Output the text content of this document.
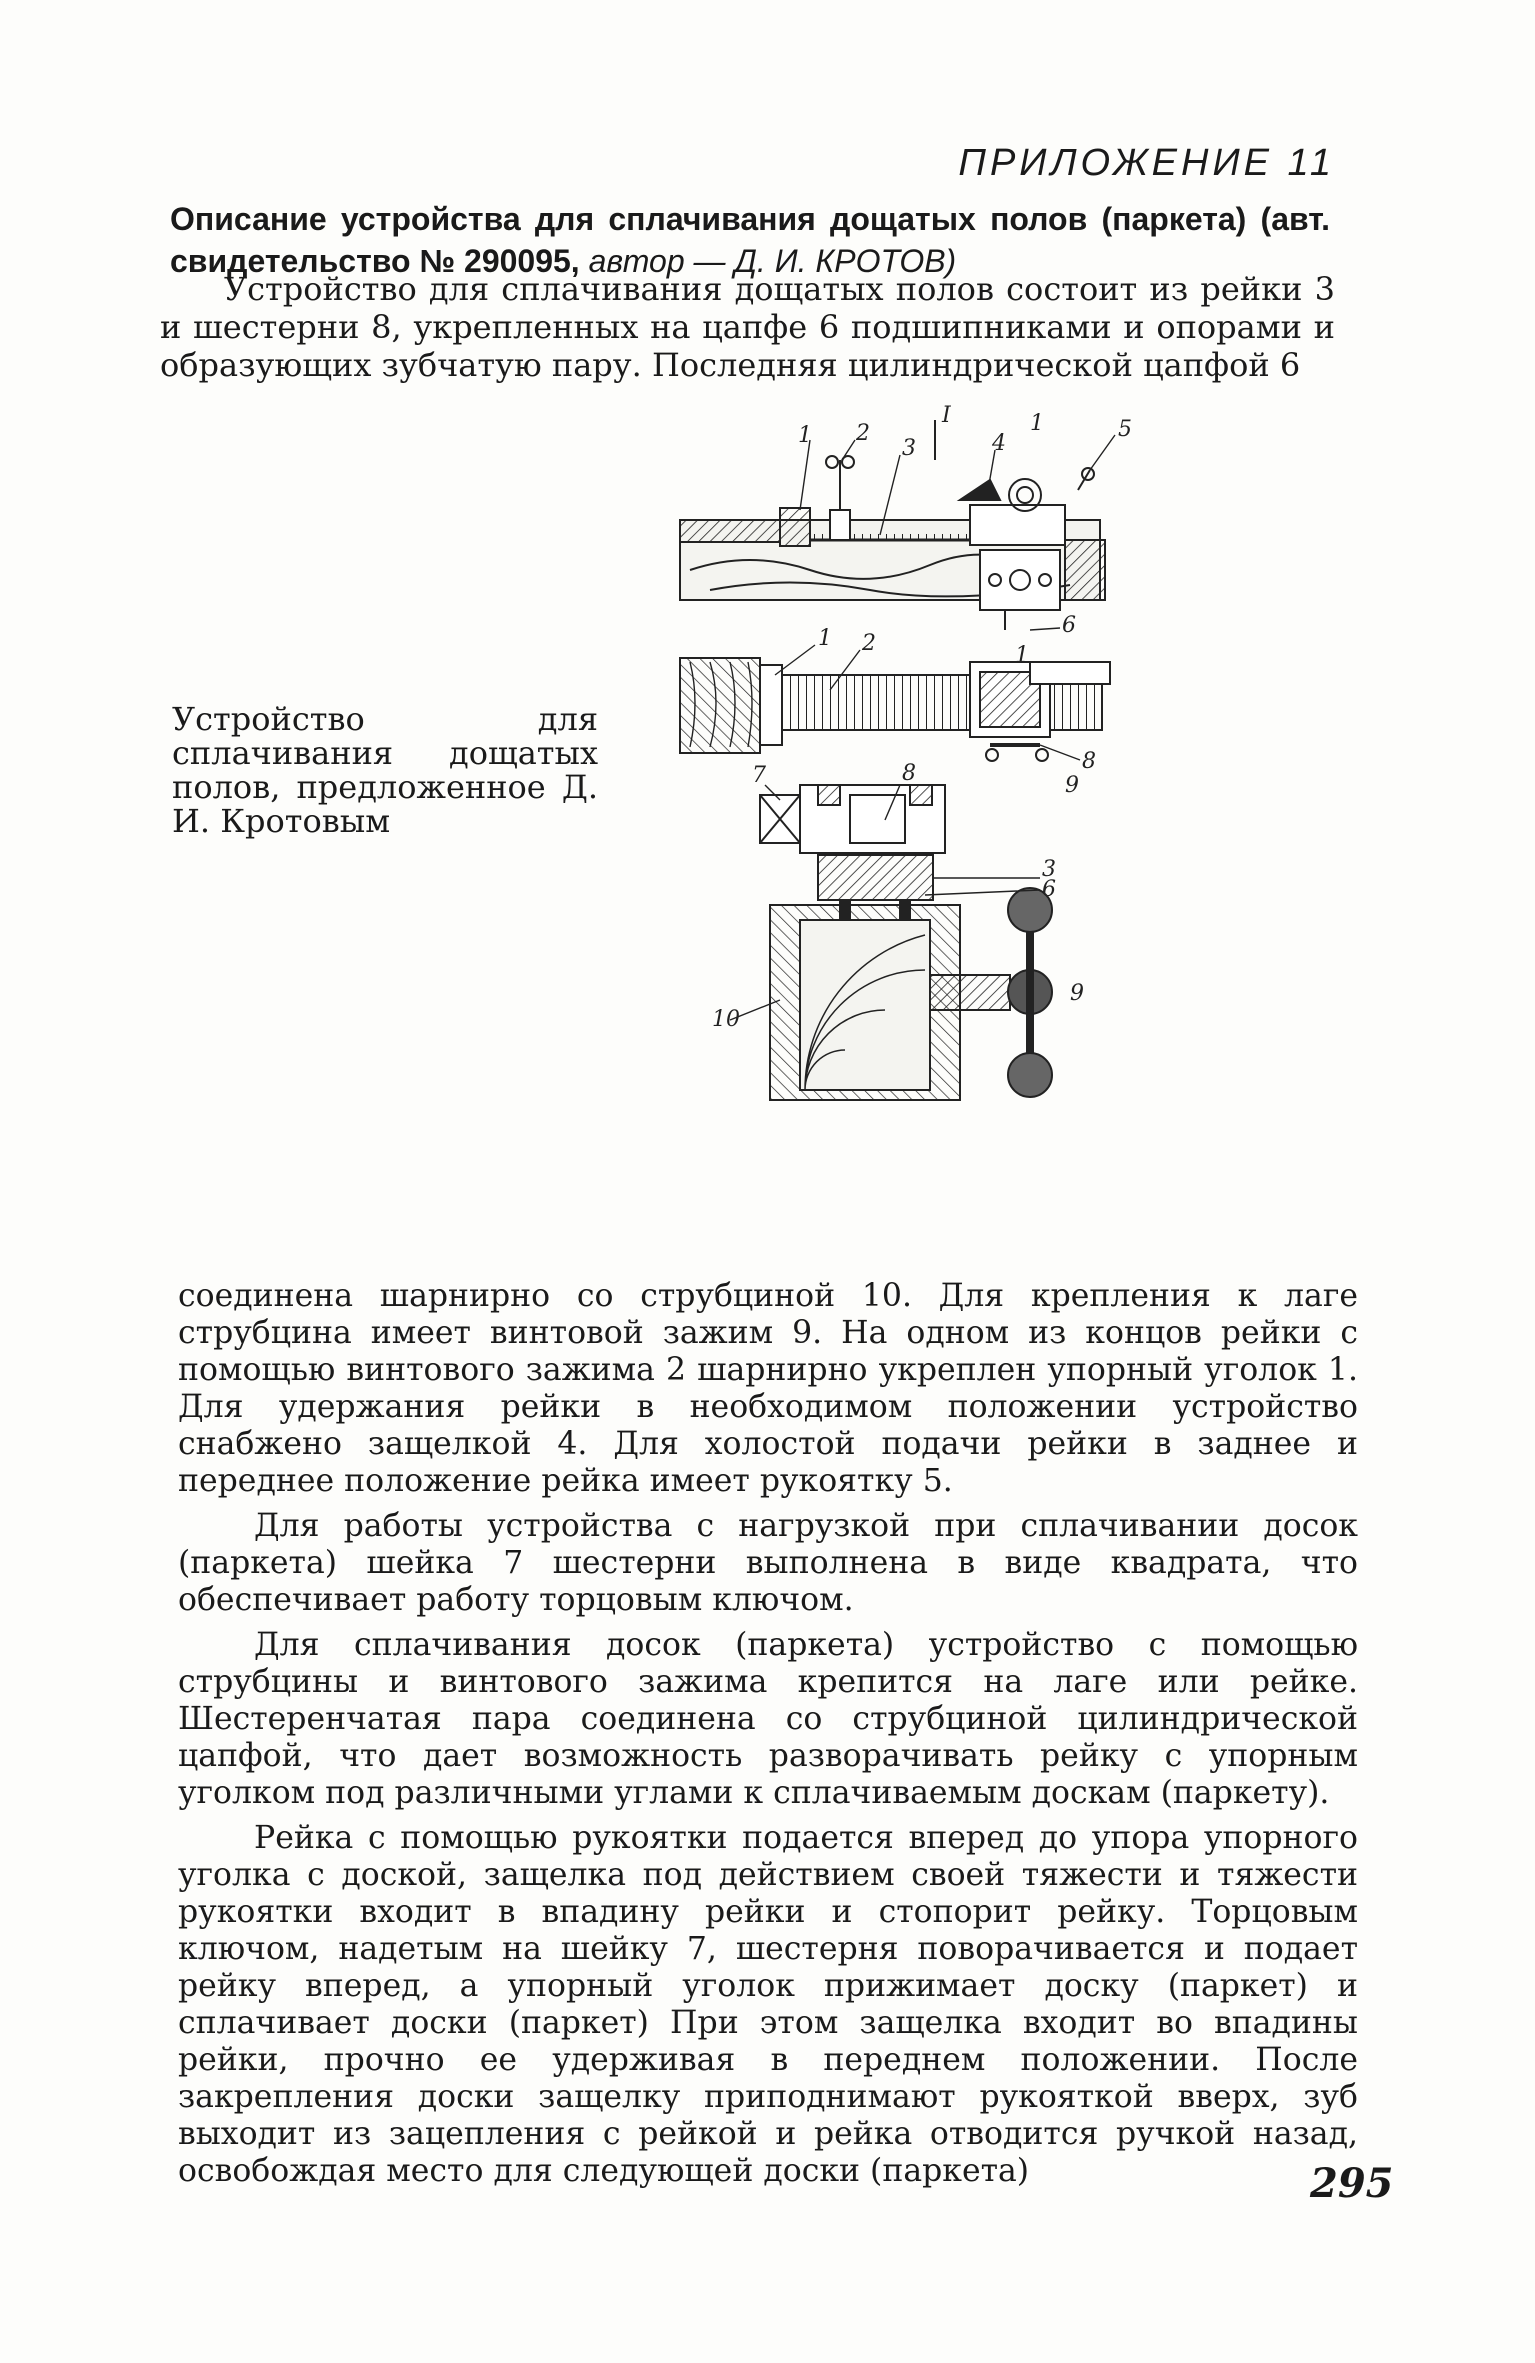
ПРИЛОЖЕНИЕ 11
Описание устройства для сплачивания дощатых полов (паркета) (авт. свидетельство № 290095, автор — Д. И. КРОТОВ)

Устройство для сплачивания дощатых полов состоит из рейки 3 и шестерни 8, укрепленных на цапфе 6 подшипниками и опорами и образующих зубчатую пару. Последняя цилиндрической цапфой 6

Устройство для сплачивания дощатых полов, предложенное Д. И. Кротовым

I
1 2
3
1
4
5
6
1
1 2
8
9
7	8
3
6
9
10

соединена шарнирно со струбциной 10. Для крепления к лаге струбцина имеет винтовой зажим 9. На одном из концов рейки с помощью винтового зажима 2 шарнирно укреплен упорный уголок 1. Для удержания рейки в необходимом положении устройство снабжено защелкой 4. Для холостой подачи рейки в заднее и переднее положение рейка имеет рукоятку 5.

Для работы устройства с нагрузкой при сплачивании досок (паркета) шейка 7 шестерни выполнена в виде квадрата, что обеспечивает работу торцовым ключом.

Для сплачивания досок (паркета) устройство с помощью струбцины и винтового зажима крепится на лаге или рейке. Шестеренчатая пара соединена со струбциной цилиндрической цапфой, что дает возможность разворачивать рейку с упорным уголком под различными углами к сплачиваемым доскам (паркету).

Рейка с помощью рукоятки подается вперед до упора упорного уголка с доской, защелка под действием своей тяжести и тяжести рукоятки входит в впадину рейки и стопорит рейку. Торцовым ключом, надетым на шейку 7, шестерня поворачивается и подает рейку вперед, а упорный уголок прижимает доску (паркет) и сплачивает доски (паркет) При этом защелка входит во впадины рейки, прочно ее удерживая в переднем положении. После закрепления доски защелку приподнимают рукояткой вверх, зуб выходит из зацепления с рейкой и рейка отводится ручкой назад, освобождая место для следующей доски (паркета)	295
